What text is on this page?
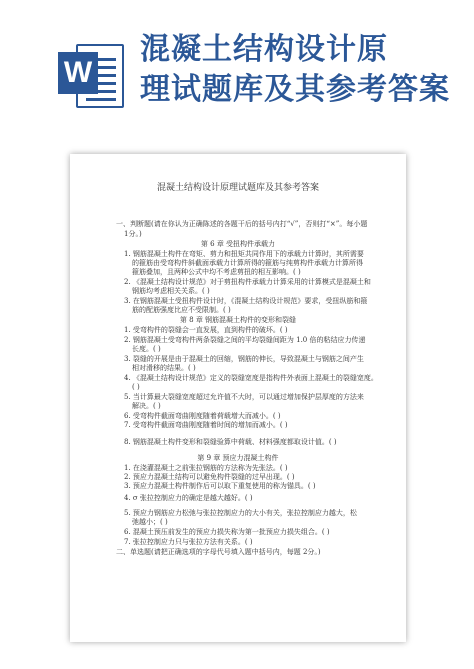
W
混凝土结构设计原
理试题库及其参考答案

混凝土结构设计原理试题库及其参考答案
一、判断题(请在你认为正确陈述的各题干后的括号内打“√”，否则打“×”。每小题
1分。)
第 6 章 受扭构件承载力
1. 钢筋混凝土构件在弯矩、剪力和扭矩共同作用下的承载力计算时，其所需要
的箍筋由受弯构件斜截面承载力计算所得的箍筋与纯剪构件承载力计算所得
箍筋叠加，且两种公式中均不考虑剪扭的相互影响。( )
2. 《混凝土结构设计规范》对于剪扭构件承载力计算采用的计算模式是混凝土和
钢筋均考虑相关关系。( )
3. 在钢筋混凝土受扭构件设计时，《混凝土结构设计规范》要求，受扭纵筋和箍
筋的配筋强度比应不受限制。( )
第 8 章 钢筋混凝土构件的变形和裂缝
1. 受弯构件的裂缝会一直发展，直到构件的破坏。( )
2. 钢筋混凝土受弯构件两条裂缝之间的平均裂缝间距为 1.0 倍的粘结应力传递
长度。( )
3. 裂缝的开展是由于混凝土的回缩，钢筋的伸长，导致混凝土与钢筋之间产生
相对滑移的结果。( )
4. 《混凝土结构设计规范》定义的裂缝宽度是指构件外表面上混凝土的裂缝宽度。
( )
5. 当计算最大裂缝宽度超过允许值不大时，可以通过增加保护层厚度的方法来
解决。( )
6. 受弯构件截面弯曲刚度随着荷载增大而减小。( )
7. 受弯构件截面弯曲刚度随着时间的增加而减小。( )
8. 钢筋混凝土构件变形和裂缝验算中荷载、材料强度都取设计值。( )
第 9 章 预应力混凝土构件
1. 在浇灌混凝土之前张拉钢筋的方法称为先张法。( )
2. 预应力混凝土结构可以避免构件裂缝的过早出现。( )
3. 预应力混凝土构件制作后可以取下重复使用的称为锚具。( )
4. σ 张拉控制应力的确定是越大越好。( )
5. 预应力钢筋应力松弛与张拉控制应力的大小有关，张拉控制应力越大，松
弛越小；( )
6. 混凝土预压前发生的预应力损失称为第一批预应力损失组合。( )
7. 张拉控制应力只与张拉方法有关系。( )
二、单选题(请把正确选项的字母代号填入题中括号内，每题 2分。)
